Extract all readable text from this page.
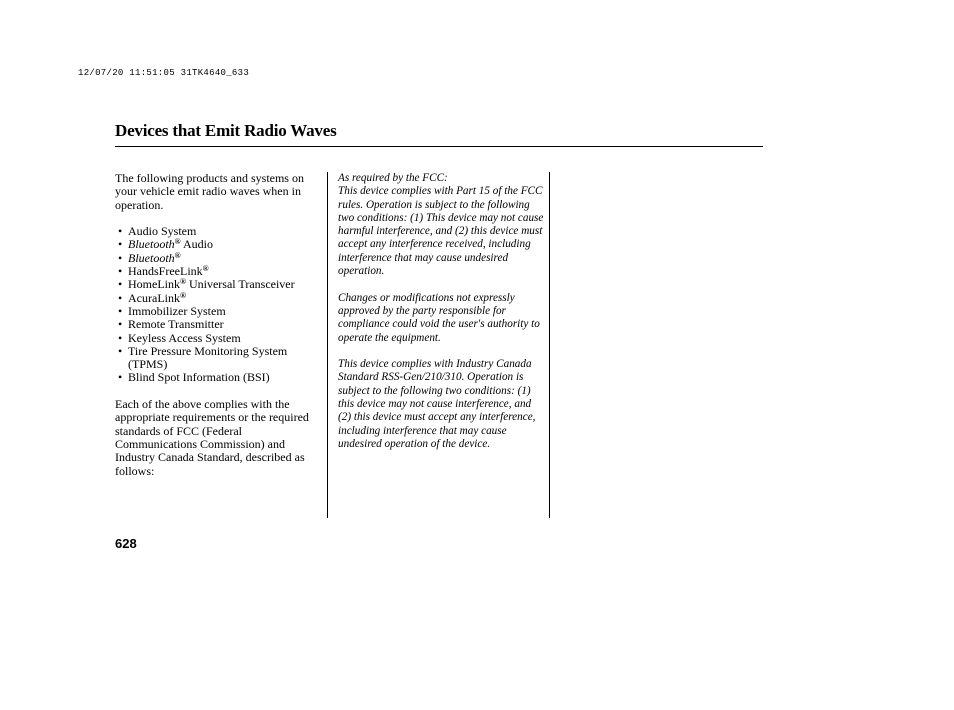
12/07/20 11:51:05 31TK4640_633
Devices that Emit Radio Waves

The following products and systems on your vehicle emit radio waves when in operation.

• Audio System
• Bluetooth® Audio
• Bluetooth®
• HandsFreeLink®
• HomeLink® Universal Transceiver
• AcuraLink®
• Immobilizer System
• Remote Transmitter
• Keyless Access System
• Tire Pressure Monitoring System (TPMS)
• Blind Spot Information (BSI)

Each of the above complies with the appropriate requirements or the required standards of FCC (Federal Communications Commission) and Industry Canada Standard, described as follows:

As required by the FCC:

This device complies with Part 15 of the FCC rules. Operation is subject to the following two conditions: (1) This device may not cause harmful interference, and (2) this device must accept any interference received, including interference that may cause undesired operation.

Changes or modifications not expressly approved by the party responsible for compliance could void the user's authority to operate the equipment.

This device complies with Industry Canada Standard RSS-Gen/210/310. Operation is subject to the following two conditions: (1) this device may not cause interference, and (2) this device must accept any interference, including interference that may cause undesired operation of the device.

628
